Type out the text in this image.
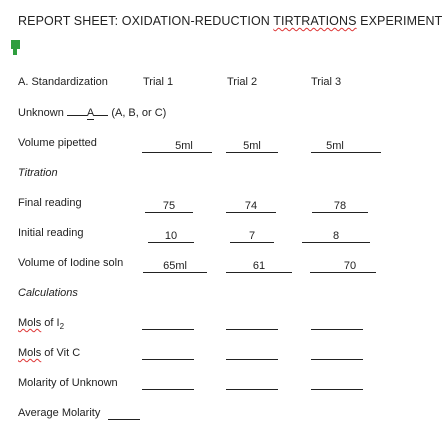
REPORT SHEET: OXIDATION-REDUCTION TIRTRATIONS EXPERIMENT
A. Standardization	Trial 1	Trial 2	Trial 3
Unknown A (A, B, or C)
Volume pipetted	5ml	5ml	5ml
Titration
Final reading	75	74	78
Initial reading	10	7	8
Volume of Iodine soln	65ml	61	70
Calculations
Mols of $I_2$
Mols of Vit C
Molarity of Unknown
Average Molarity
